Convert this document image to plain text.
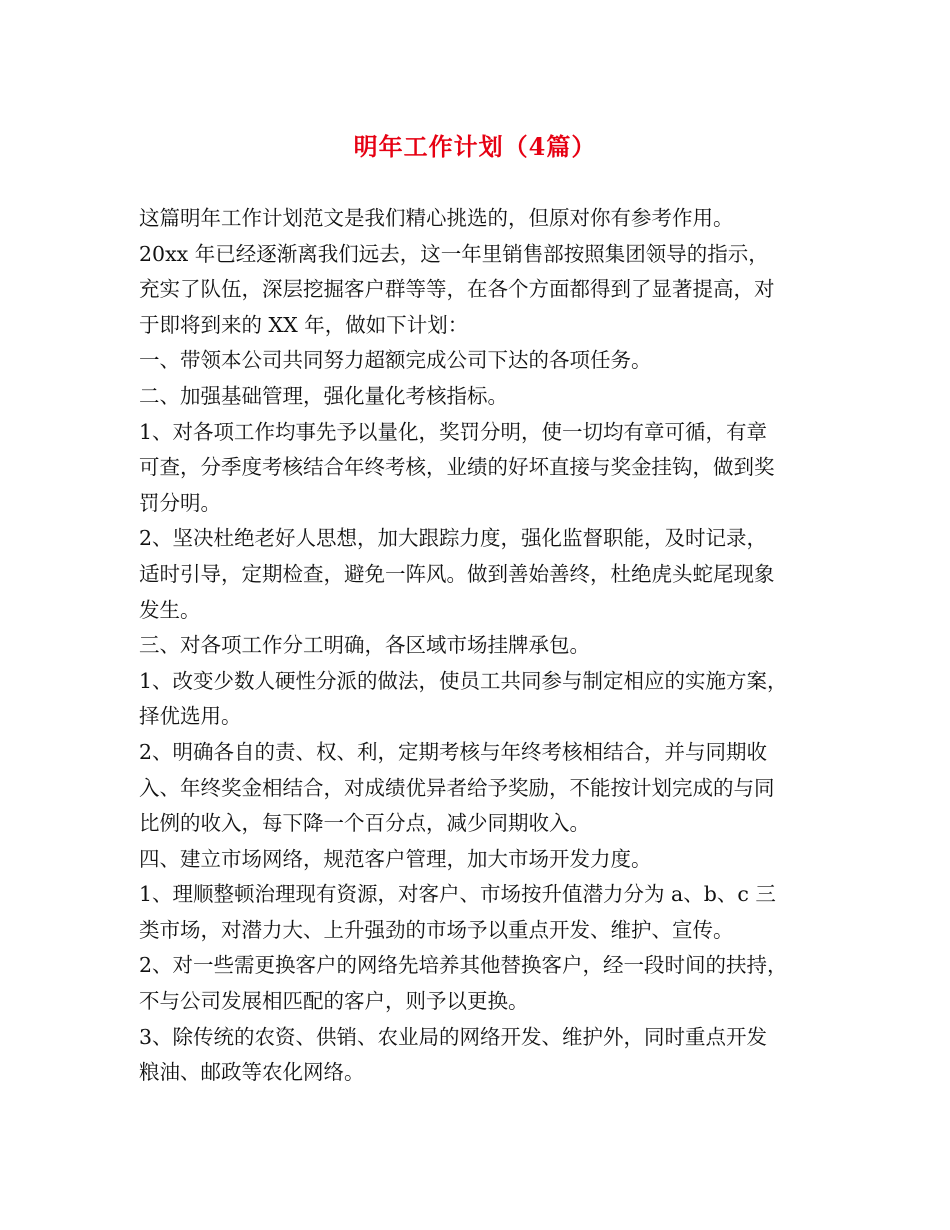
明年工作计划（4篇）
这篇明年工作计划范文是我们精心挑选的，但原对你有参考作用。
20xx 年已经逐渐离我们远去，这一年里销售部按照集团领导的指示，
充实了队伍，深层挖掘客户群等等，在各个方面都得到了显著提高，对
于即将到来的 XX 年，做如下计划：
一、带领本公司共同努力超额完成公司下达的各项任务。
二、加强基础管理，强化量化考核指标。
1、对各项工作均事先予以量化，奖罚分明，使一切均有章可循，有章
可查，分季度考核结合年终考核，业绩的好坏直接与奖金挂钩，做到奖
罚分明。
2、坚决杜绝老好人思想，加大跟踪力度，强化监督职能，及时记录，
适时引导，定期检查，避免一阵风。做到善始善终，杜绝虎头蛇尾现象
发生。
三、对各项工作分工明确，各区域市场挂牌承包。
1、改变少数人硬性分派的做法，使员工共同参与制定相应的实施方案，
择优选用。
2、明确各自的责、权、利，定期考核与年终考核相结合，并与同期收
入、年终奖金相结合，对成绩优异者给予奖励，不能按计划完成的与同
比例的收入，每下降一个百分点，减少同期收入。
四、建立市场网络，规范客户管理，加大市场开发力度。
1、理顺整顿治理现有资源，对客户、市场按升值潜力分为 a、b、c 三
类市场，对潜力大、上升强劲的市场予以重点开发、维护、宣传。
2、对一些需更换客户的网络先培养其他替换客户，经一段时间的扶持，
不与公司发展相匹配的客户，则予以更换。
3、除传统的农资、供销、农业局的网络开发、维护外，同时重点开发
粮油、邮政等农化网络。
